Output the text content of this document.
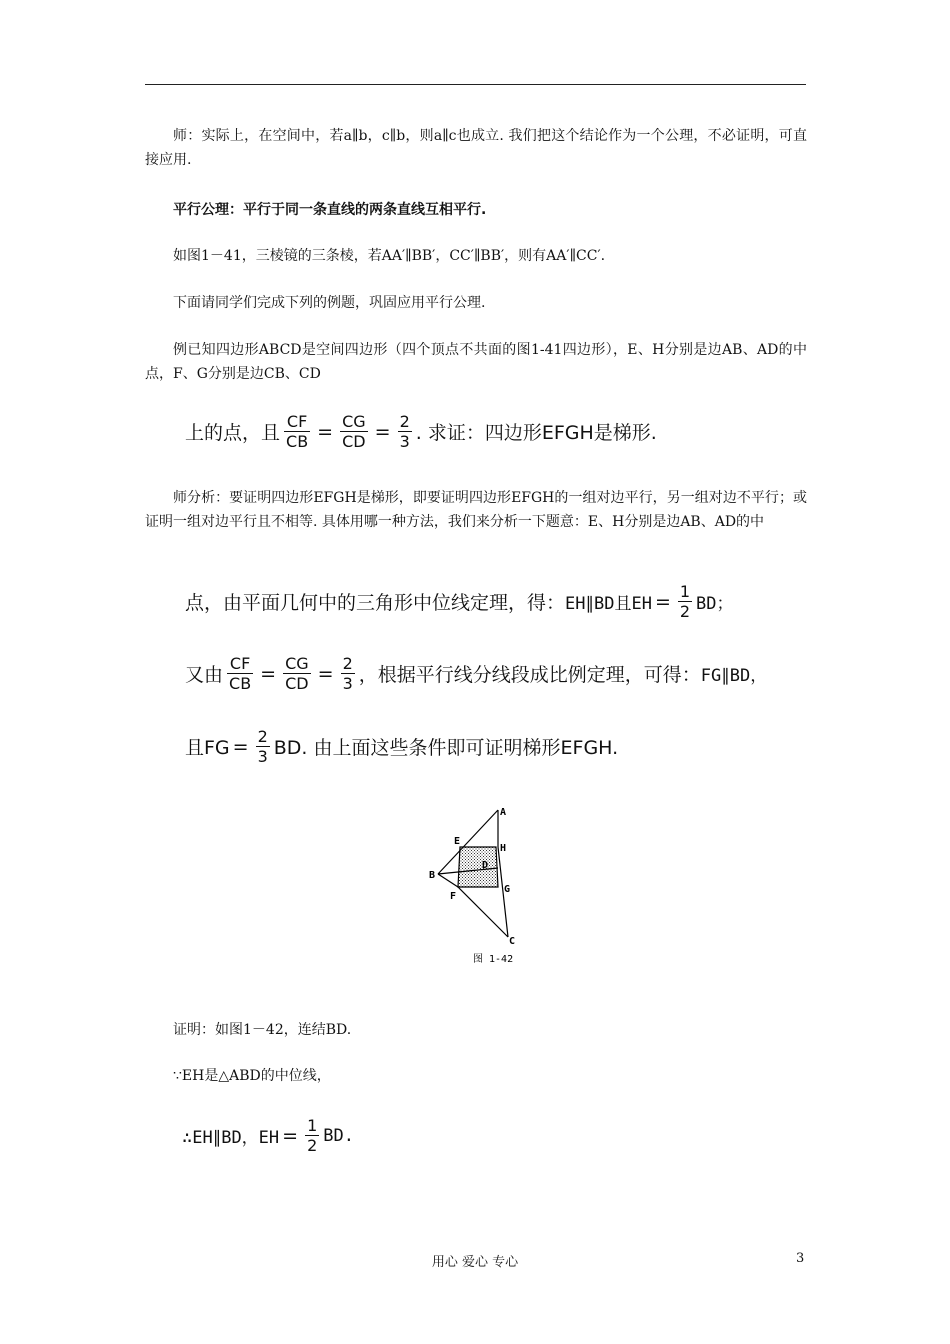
师：实际上，在空间中，若a∥b，c∥b，则a∥c也成立. 我们把这个结论作为一个公理，不必证明，可直接应用.
平行公理：平行于同一条直线的两条直线互相平行.
如图1－41，三棱镜的三条棱，若AA′∥BB′，CC′∥BB′，则有AA′∥CC′.
下面请同学们完成下列的例题，巩固应用平行公理.
例已知四边形ABCD是空间四边形（四个顶点不共面的图1-41四边形），E、H分别是边AB、AD的中点，F、G分别是边CB、CD
上的点，且 $\frac{CF}{CB} = \frac{CG}{CD} = \frac{2}{3}$ . 求证：四边形EFGH是梯形.
师分析：要证明四边形EFGH是梯形，即要证明四边形EFGH的一组对边平行，另一组对边不平行；或证明一组对边平行且不相等. 具体用哪一种方法，我们来分析一下题意：E、H分别是边AB、AD的中
点，由平面几何中的三角形中位线定理，得： EH∥BD且EH = $\frac{1}{2}$ BD；
又由 $\frac{CF}{CB} = \frac{CG}{CD} = \frac{2}{3}$ ，根据平行线分线段成比例定理，可得： FG∥BD，
且FG = $\frac{2}{3}$ BD. 由上面这些条件即可证明梯形EFGH.
A
E
H
D
B
G
F
C
图 1-42
证明：如图1－42，连结BD.
∵EH是△ABD的中位线，
∴EH∥BD，EH = $\frac{1}{2}$ BD.
用心 爱心 专心	3
